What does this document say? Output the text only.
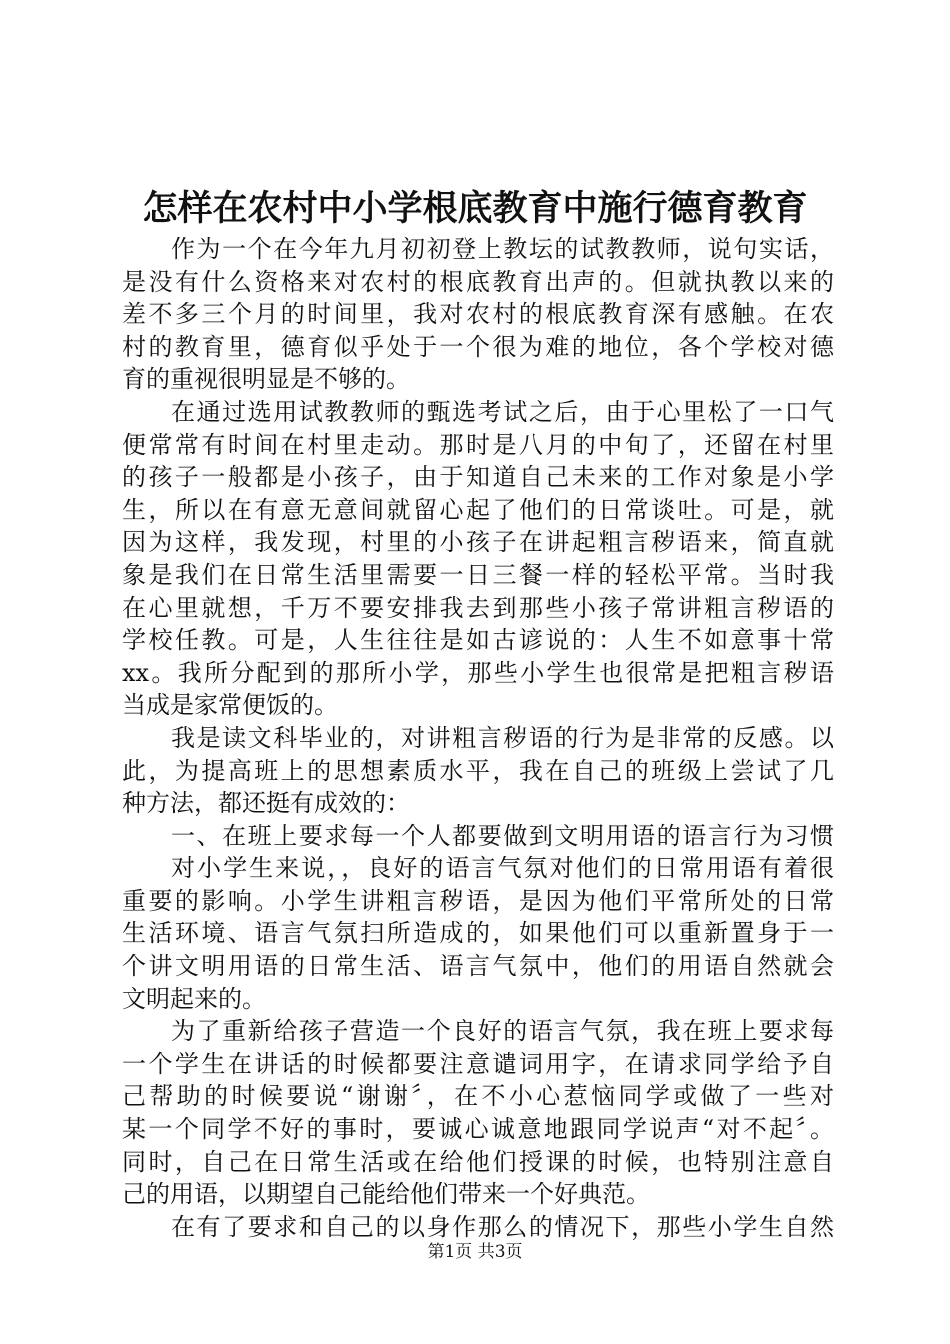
怎样在农村中小学根底教育中施行德育教育
作为一个在今年九月初初登上教坛的试教教师，说句实话，
是没有什么资格来对农村的根底教育出声的。但就执教以来的
差不多三个月的时间里，我对农村的根底教育深有感触。在农
村的教育里，德育似乎处于一个很为难的地位，各个学校对德
育的重视很明显是不够的。
在通过选用试教教师的甄选考试之后，由于心里松了一口气
便常常有时间在村里走动。那时是八月的中旬了，还留在村里
的孩子一般都是小孩子，由于知道自己未来的工作对象是小学
生，所以在有意无意间就留心起了他们的日常谈吐。可是，就
因为这样，我发现，村里的小孩子在讲起粗言秽语来，简直就
象是我们在日常生活里需要一日三餐一样的轻松平常。当时我
在心里就想，千万不要安排我去到那些小孩子常讲粗言秽语的
学校任教。可是，人生往往是如古谚说的：人生不如意事十常
xx。我所分配到的那所小学，那些小学生也很常是把粗言秽语
当成是家常便饭的。
我是读文科毕业的，对讲粗言秽语的行为是非常的反感。以
此，为提高班上的思想素质水平，我在自己的班级上尝试了几
种方法，都还挺有成效的：
一、在班上要求每一个人都要做到文明用语的语言行为习惯
对小学生来说，，良好的语言气氛对他们的日常用语有着很
重要的影响。小学生讲粗言秽语，是因为他们平常所处的日常
生活环境、语言气氛扫所造成的，如果他们可以重新置身于一
个讲文明用语的日常生活、语言气氛中，他们的用语自然就会
文明起来的。
为了重新给孩子营造一个良好的语言气氛，我在班上要求每
一个学生在讲话的时候都要注意谴词用字，在请求同学给予自
己帮助的时候要说“谢谢〞，在不小心惹恼同学或做了一些对
某一个同学不好的事时，要诚心诚意地跟同学说声“对不起〞。
同时，自己在日常生活或在给他们授课的时候，也特别注意自
己的用语，以期望自己能给他们带来一个好典范。
在有了要求和自己的以身作那么的情况下，那些小学生自然
第1页 共3页
